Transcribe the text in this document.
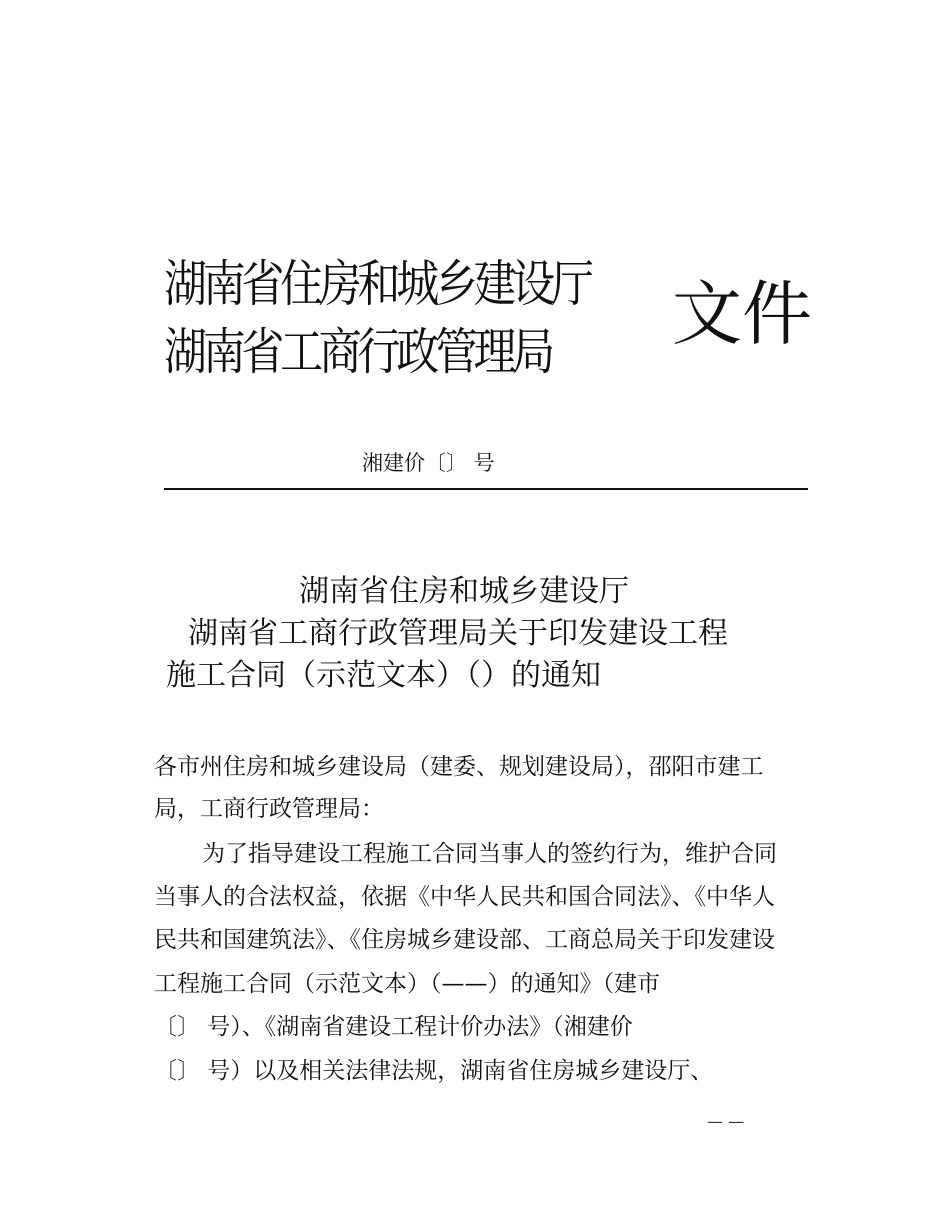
湖南省住房和城乡建设厅
湖南省工商行政管理局 文件
湘建价〔〕 号
湖南省住房和城乡建设厅
湖南省工商行政管理局关于印发建设工程
施工合同（示范文本）（）的通知
各市州住房和城乡建设局（建委、规划建设局），邵阳市建工
局，工商行政管理局：
为了指导建设工程施工合同当事人的签约行为，维护合同
当事人的合法权益，依据《中华人民共和国合同法》、《中华人
民共和国建筑法》、《住房城乡建设部、工商总局关于印发建设
工程施工合同（示范文本）（——）的通知》（建市
〔〕 号）、《湖南省建设工程计价办法》（湘建价
〔〕 号）以及相关法律法规，湖南省住房城乡建设厅、
— —
